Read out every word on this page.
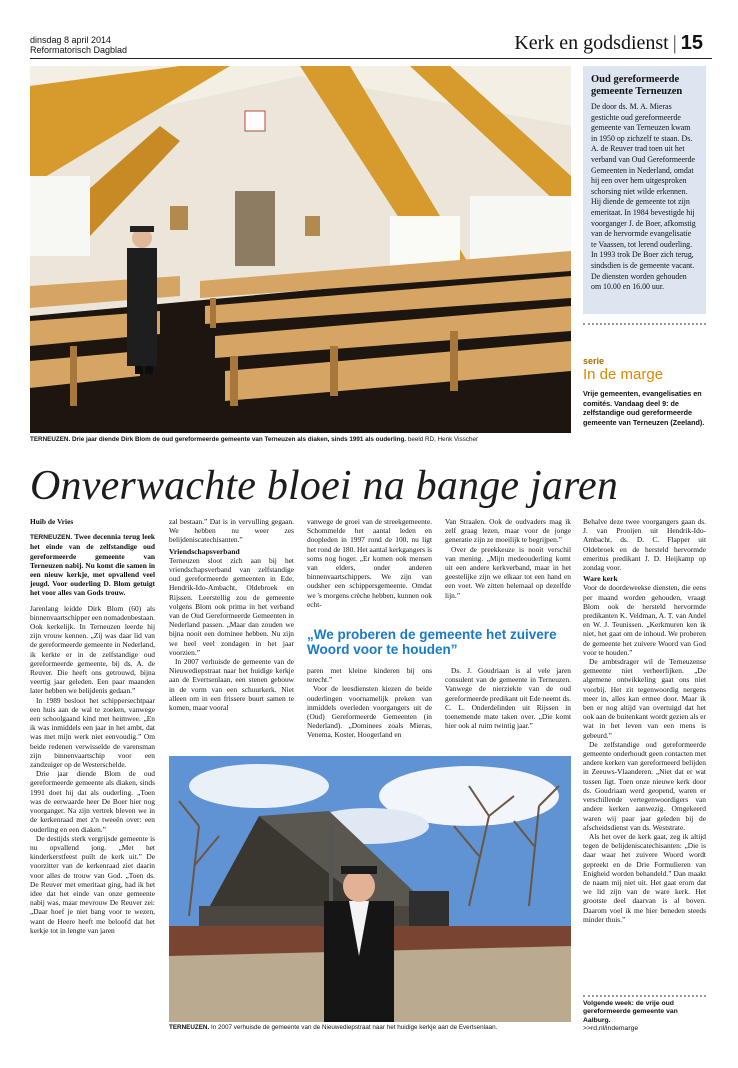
dinsdag 8 april 2014
Reformatorisch Dagblad	Kerk en godsdienst | 15
TERNEUZEN. Drie jaar diende Dirk Blom de oud gereformeerde gemeente van Terneuzen als diaken, sinds 1991 als ouderling. beeld RD, Henk Visscher
Oud gereformeerde gemeente Terneuzen

De door ds. M. A. Mieras gestichte oud gereformeerde gemeente van Terneuzen kwam in 1950 op zichzelf te staan. Ds. A. de Reuver trad toen uit het verband van Oud Gereformeerde Gemeenten in Nederland, omdat hij een over hem uitgesproken schorsing niet wilde erkennen. Hij diende de gemeente tot zijn emeritaat. In 1984 bevestigde hij voorganger J. de Boer, afkomstig van de hervormde evangelisatie te Vaassen, tot lerend ouderling. In 1993 trok De Boer zich terug, sindsdien is de gemeente vacant. De diensten worden gehouden om 10.00 en 16.00 uur.

serie
In de marge
Vrije gemeenten, evangelisaties en comités. Vandaag deel 9: de zelfstandige oud gereformeerde gemeente van Terneuzen (Zeeland).
Onverwachte bloei na bange jaren
Huib de Vries

TERNEUZEN. Twee decennia terug leek het einde van de zelfstandige oud gereformeerde gemeente van Terneuzen nabij. Nu komt die samen in een nieuw kerkje, met opvallend veel jeugd. Voor ouderling D. Blom getuigt het voor alles van Gods trouw.

Jarenlang leidde Dirk Blom (60) als binnenvaartschipper een nomadenbestaan. Ook kerkelijk. In Terneuzen leerde hij zijn vrouw kennen. „Zij was daar lid van de gereformeerde gemeente in Nederland, ik kerkte er in de zelfstandige oud gereformeerde gemeente, bij ds. A. de Reuver. Die heeft ons getrouwd, bijna veertig jaar geleden. Een paar maanden later hebben we belijdenis gedaan.”

In 1989 besloot het schippersechtpaar een huis aan de wal te zoeken, vanwege een schoolgaand kind met heimwee. „En ik was inmiddels een jaar in het ambt, dat was met mijn werk niet eenvoudig.” Om beide redenen verwisselde de varensman zijn binnenvaartschip voor een zandzuiger op de Westerschelde.

Drie jaar diende Blom de oud gereformeerde gemeente als diaken, sinds 1991 doet hij dat als ouderling. „Toen was de eerwaarde heer De Boer hier nog voorganger. Na zijn vertrek bleven we in de kerkenraad met z'n tweeën over: een ouderling en een diaken.”

De destijds sterk vergrijsde gemeente is nu opvallend jong. „Met het kinderkerstfeest puilt de kerk uit.” De voorzitter van de kerkenraad ziet daarin voor alles de trouw van God. „Toen ds. De Reuver met emeritaat ging, had ik het idee dat het einde van onze gemeente nabij was, maar mevrouw De Reuver zei: „Daar hoef je niet bang voor te wezen, want de Heere heeft me beloofd dat het kerkje tot in lengte van jaren

zal bestaan.” Dat is in vervulling gegaan. We hebben nu weer zes belijdeniscatechisanten.”

Vriendschapsverband

Terneuzen sloot zich aan bij het vriendschapsverband van zelfstandige oud gereformeerde gemeenten in Ede, Hendrik-Ido-Ambacht, Oldebroek en Rijssen. Leerstellig zou de gemeente volgens Blom ook prima in het verband van de Oud Gereformeerde Gemeenten in Nederland passen. „Maar dan zouden we bijna nooit een dominee hebben. Nu zijn we heel veel zondagen in het jaar voorzien.”

In 2007 verhuisde de gemeente van de Nieuwediepstraat naar het huidige kerkje aan de Evertsenlaan, een stenen gebouw in de vorm van een schuurkerk. Niet alleen om in een frissere buurt samen te komen, maar vooral

vanwege de groei van de streekgemeente. Schommelde het aantal leden en doopleden in 1997 rond de 100, nu ligt het rond de 180. Het aantal kerkgangers is soms nog hoger. „Er komen ook mensen van elders, onder anderen binnenvaartschippers. We zijn van oudsher een schippersgemeente. Omdat we 's morgens crèche hebben, kunnen ook echt-

Van Straalen. Ook de oudvaders mag ik zelf graag lezen, maar voor de jonge generatie zijn ze moeilijk te begrijpen.”

Over de preekkeuze is nooit verschil van mening. „Mijn medeouderling komt uit een andere kerkverband, maar in het geestelijke zijn we elkaar tot een hand en een voet. We zitten helemaal op dezelfde lijn.”

„We proberen de gemeente het zuivere Woord voor te houden”

paren met kleine kinderen bij ons terecht.”

Voor de leesdiensten kiezen de beide ouderlingen voornamelijk preken van inmiddels overleden voorgangers uit de (Oud) Gereformeerde Gemeenten (in Nederland). „Dominees zoals Mieras, Venema, Koster, Hoogerland en

Ds. J. Goudriaan is al vele jaren consulent van de gemeente in Terneuzen. Vanwege de nierziekte van de oud gereformeerde predikant uit Ede neemt ds. C. L. Onderdelinden uit Rijssen in toenemende mate taken over. „Die komt hier ook al ruim twintig jaar.”

Behalve deze twee voorgangers gaan ds. J. van Prooijen uit Hendrik-Ido-Ambacht, ds. D. C. Flapper uit Oldebroek en de hersteld hervormde emeritus predikant J. D. Heijkamp op zondag voor.

Ware kerk

Voor de doordeweekse diensten, die eens per maand worden gehouden, vraagt Blom ook de hersteld hervormde predikanten K. Veldman, A. T. van Andel en W. J. Teunissen. „Kerkmuren ken ik niet, het gaat om de inhoud. We proberen de gemeente het zuivere Woord van God voor te houden.”

De ambtsdrager wil de Terneuzense gemeente niet verheerlijken. „De algemene ontwikkeling gaat ons niet voorbij. Het zit tegenwoordig nergens meer in, alles kan ermee door. Maar ik ben er nog altijd van overtuigd dat het ook aan de buitenkant wordt gezien als er wat in het leven van een mens is gebeurd.”

De zelfstandige oud gereformeerde gemeente onderhoudt geen contacten met andere kerken van gereformeerd belijden in Zeeuws-Vlaanderen. „Niet dat er wat tussen ligt. Toen onze nieuwe kerk door ds. Goudriaan werd geopend, waren er verschillende vertegenwoordigers van andere kerken aanwezig. Omgekeerd waren wij paar jaar geleden bij de afscheidsdienst van ds. Weststrate.

Als het over de kerk gaat, zeg ik altijd tegen de belijdeniscatechisanten: „Die is daar waar het zuivere Woord wordt gepreekt en de Drie Formulieren van Enigheid worden behandeld.” Dan maakt de naam mij niet uit. Het gaat erom dat we lid zijn van de ware kerk. Het grootste deel daarvan is al boven. Daarom voel ik me hier beneden steeds minder thuis.”

TERNEUZEN. In 2007 verhuisde de gemeente van de Nieuwediepstraat naar het huidige kerkje aan de Evertsenlaan.
Volgende week: de vrije oud gereformeerde gemeente van Aalburg.
>>rd.nl/indemarge
